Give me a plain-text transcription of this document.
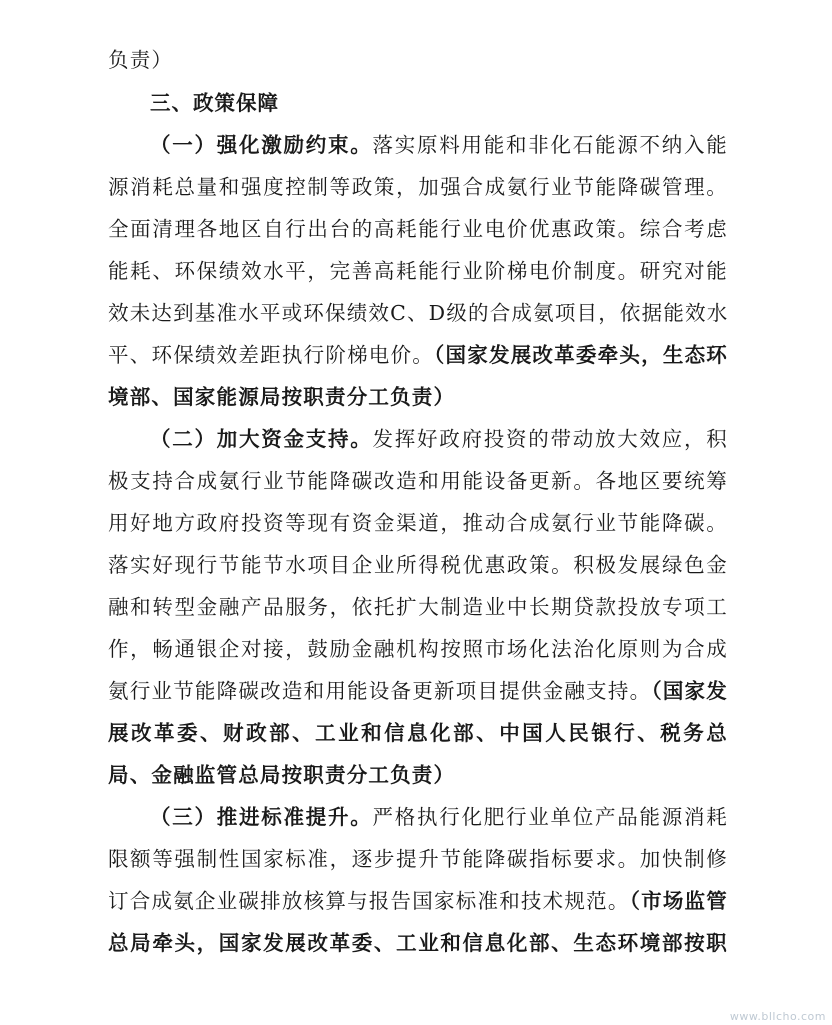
负责）
三、政策保障
（一）强化激励约束。落实原料用能和非化石能源不纳入能
源消耗总量和强度控制等政策，加强合成氨行业节能降碳管理。
全面清理各地区自行出台的高耗能行业电价优惠政策。综合考虑
能耗、环保绩效水平，完善高耗能行业阶梯电价制度。研究对能
效未达到基准水平或环保绩效C、D级的合成氨项目，依据能效水
平、环保绩效差距执行阶梯电价。（国家发展改革委牵头，生态环
境部、国家能源局按职责分工负责）
（二）加大资金支持。发挥好政府投资的带动放大效应，积
极支持合成氨行业节能降碳改造和用能设备更新。各地区要统筹
用好地方政府投资等现有资金渠道，推动合成氨行业节能降碳。
落实好现行节能节水项目企业所得税优惠政策。积极发展绿色金
融和转型金融产品服务，依托扩大制造业中长期贷款投放专项工
作，畅通银企对接，鼓励金融机构按照市场化法治化原则为合成
氨行业节能降碳改造和用能设备更新项目提供金融支持。（国家发
展改革委、财政部、工业和信息化部、中国人民银行、税务总
局、金融监管总局按职责分工负责）
（三）推进标准提升。严格执行化肥行业单位产品能源消耗
限额等强制性国家标准，逐步提升节能降碳指标要求。加快制修
订合成氨企业碳排放核算与报告国家标准和技术规范。（市场监管
总局牵头，国家发展改革委、工业和信息化部、生态环境部按职
www.bllcho.com
